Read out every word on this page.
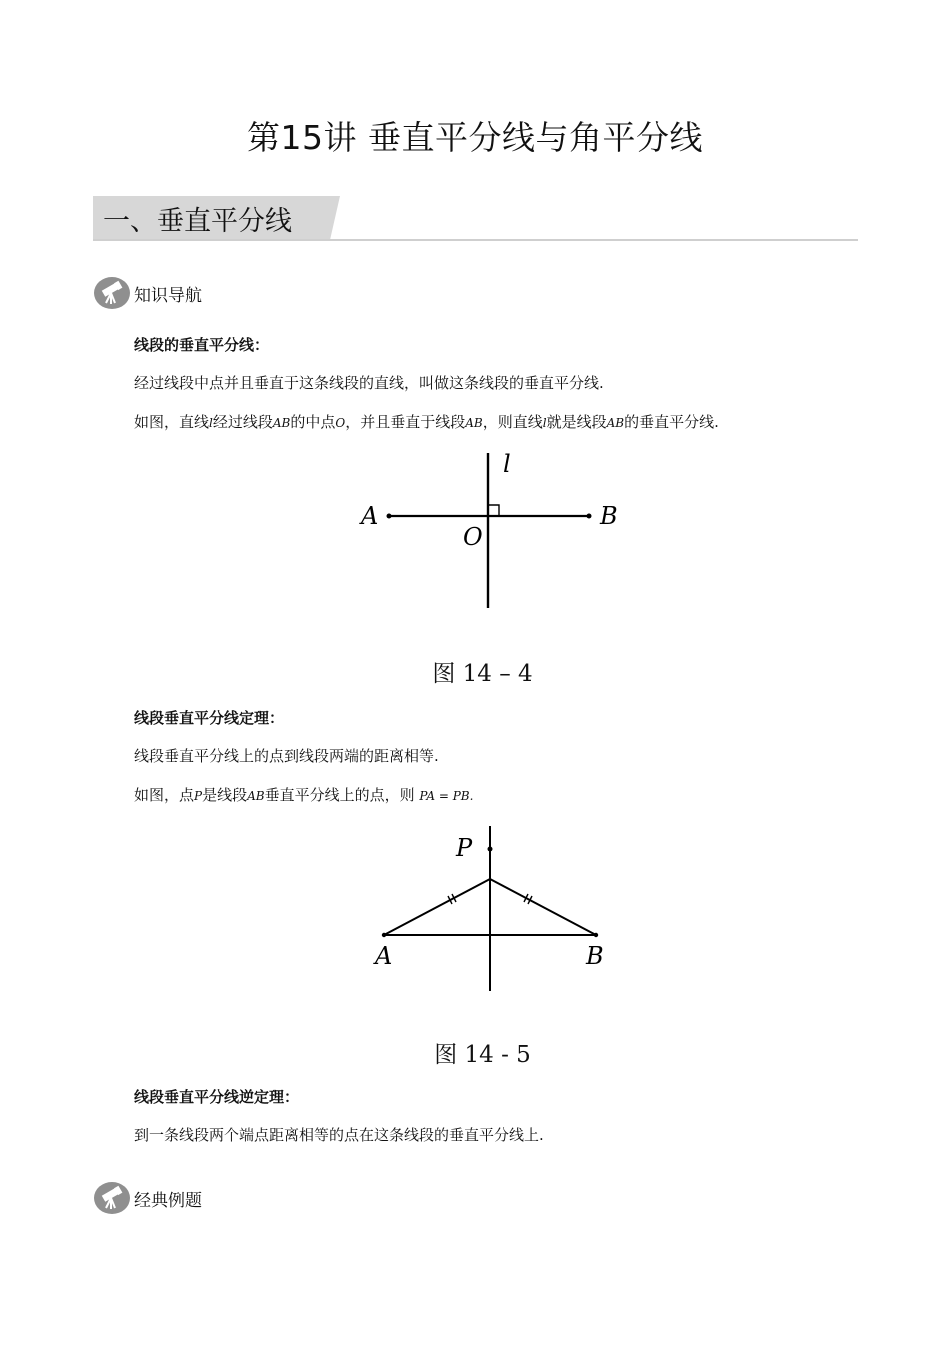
第15讲 垂直平分线与角平分线
一、垂直平分线
知识导航
线段的垂直平分线：
经过线段中点并且垂直于这条线段的直线，叫做这条线段的垂直平分线.
如图，直线l经过线段AB的中点O，并且垂直于线段AB，则直线l就是线段AB的垂直平分线.
l
A	B
O
P
A	B
图 14 – 4
线段垂直平分线定理：
线段垂直平分线上的点到线段两端的距离相等.
如图，点P是线段AB垂直平分线上的点，则 PA = PB.
图 14 - 5
线段垂直平分线逆定理：
到一条线段两个端点距离相等的点在这条线段的垂直平分线上.
经典例题
